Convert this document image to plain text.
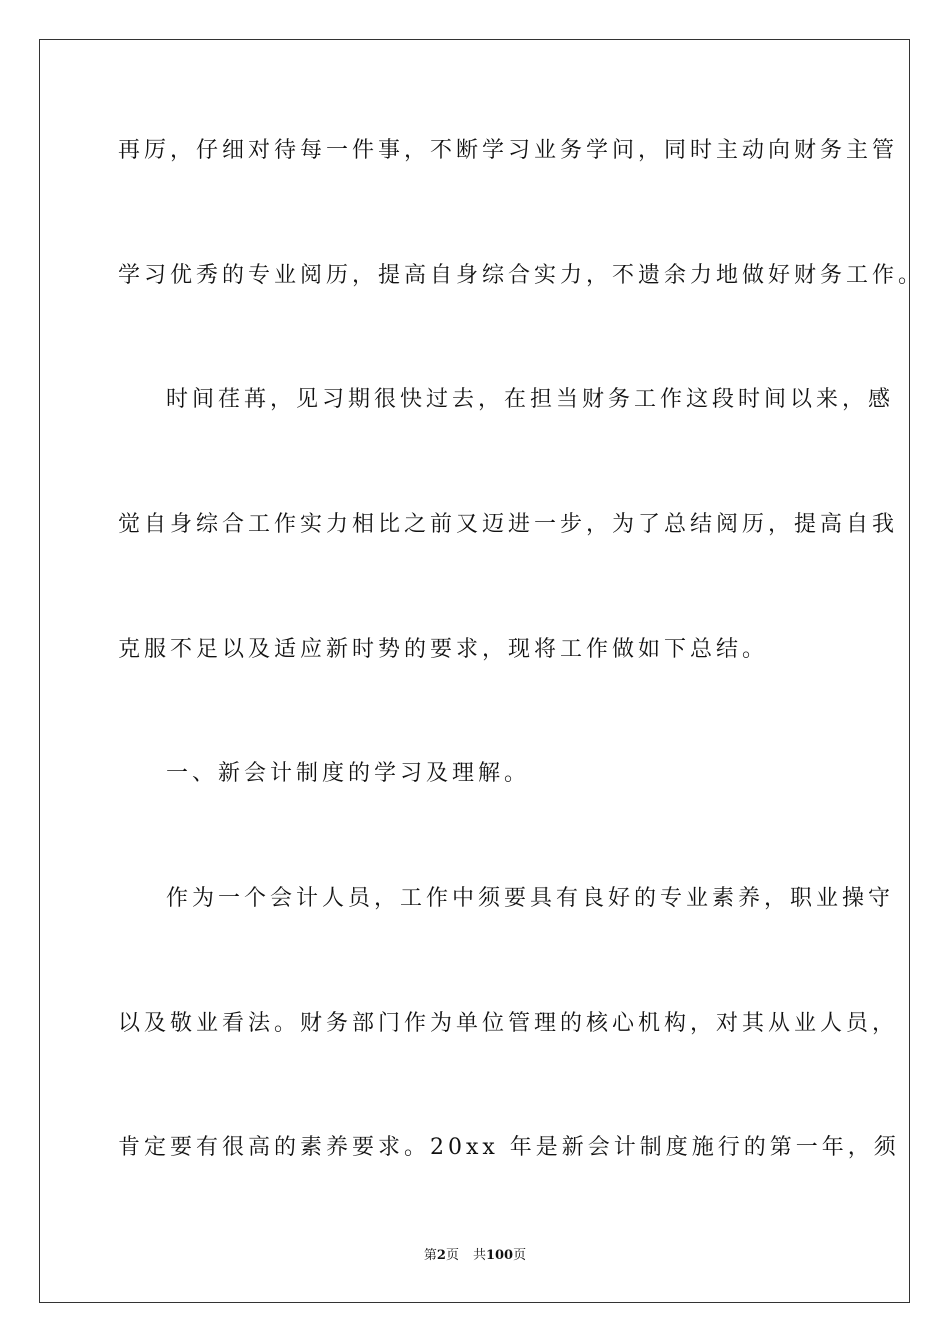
再厉，仔细对待每一件事，不断学习业务学问，同时主动向财务主管

学习优秀的专业阅历，提高自身综合实力，不遗余力地做好财务工作。

时间荏苒，见习期很快过去，在担当财务工作这段时间以来，感

觉自身综合工作实力相比之前又迈进一步，为了总结阅历，提高自我

克服不足以及适应新时势的要求，现将工作做如下总结。

一、新会计制度的学习及理解。

作为一个会计人员，工作中须要具有良好的专业素养，职业操守

以及敬业看法。财务部门作为单位管理的核心机构，对其从业人员，

肯定要有很高的素养要求。20xx 年是新会计制度施行的第一年，须

第2页 共100页
